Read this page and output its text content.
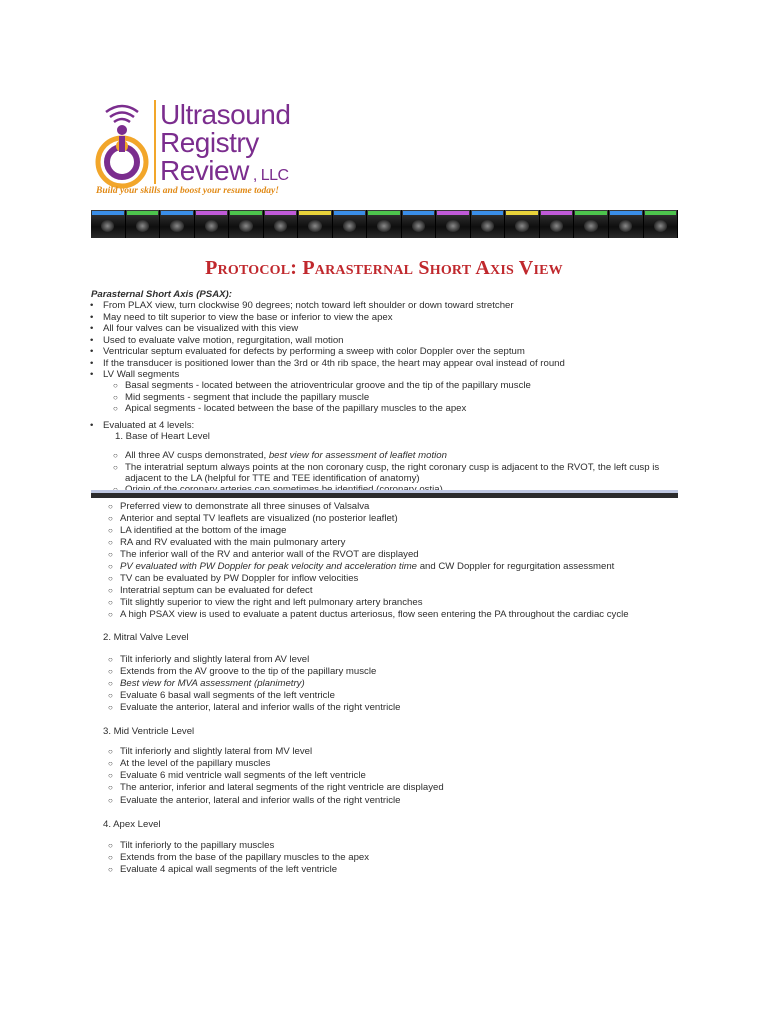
Ultrasound
Registry
Review , LLC
Build your skills and boost your resume today!
Protocol: Parasternal Short Axis View
Parasternal Short Axis (PSAX):
• From PLAX view, turn clockwise 90 degrees; notch toward left shoulder or down toward stretcher
• May need to tilt superior to view the base or inferior to view the apex
• All four valves can be visualized with this view
• Used to evaluate valve motion, regurgitation, wall motion
• Ventricular septum evaluated for defects by performing a sweep with color Doppler over the septum
• If the transducer is positioned lower than the 3rd or 4th rib space, the heart may appear oval instead of round
• LV Wall segments
○ Basal segments - located between the atrioventricular groove and the tip of the papillary muscle
○ Mid segments - segment that include the papillary muscle
○ Apical segments - located between the base of the papillary muscles to the apex
• Evaluated at 4 levels:
1. Base of Heart Level
○ All three AV cusps demonstrated, best view for assessment of leaflet motion
○ The interatrial septum always points at the non coronary cusp, the right coronary cusp is adjacent to the RVOT, the left cusp is
adjacent to the LA (helpful for TTE and TEE identification of anatomy)
○ Preferred view to demonstrate all three sinuses of Valsalva
○ Anterior and septal TV leaflets are visualized (no posterior leaflet)
○ LA identified at the bottom of the image
○ RA and RV evaluated with the main pulmonary artery
○ The inferior wall of the RV and anterior wall of the RVOT are displayed
○ PV evaluated with PW Doppler for peak velocity and acceleration time and CW Doppler for regurgitation assessment
○ TV can be evaluated by PW Doppler for inflow velocities
○ Interatrial septum can be evaluated for defect
○ Tilt slightly superior to view the right and left pulmonary artery branches
○ A high PSAX view is used to evaluate a patent ductus arteriosus, flow seen entering the PA throughout the cardiac cycle
2. Mitral Valve Level
○ Tilt inferiorly and slightly lateral from AV level
○ Extends from the AV groove to the tip of the papillary muscle
○ Best view for MVA assessment (planimetry)
○ Evaluate 6 basal wall segments of the left ventricle
○ Evaluate the anterior, lateral and inferior walls of the right ventricle
3. Mid Ventricle Level
○ Tilt inferiorly and slightly lateral from MV level
○ At the level of the papillary muscles
○ Evaluate 6 mid ventricle wall segments of the left ventricle
○ The anterior, inferior and lateral segments of the right ventricle are displayed
○ Evaluate the anterior, lateral and inferior walls of the right ventricle
4. Apex Level
○ Tilt inferiorly to the papillary muscles
○ Extends from the base of the papillary muscles to the apex
○ Evaluate 4 apical wall segments of the left ventricle
